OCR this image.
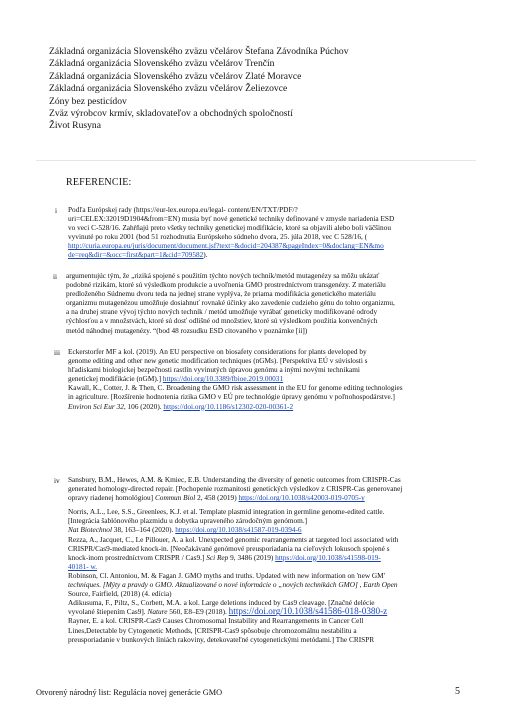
Základná organizácia Slovenského zväzu včelárov Štefana Závodníka Púchov
Základná organizácia Slovenského zväzu včelárov Trenčín
Základná organizácia Slovenského zväzu včelárov Zlaté Moravce
Základná organizácia Slovenského zväzu včelárov Želiezovce
Zóny bez pesticídov
Zväz výrobcov krmív, skladovateľov a obchodných spoločností
Život Rusyna
REFERENCIE:
i Podľa Európskej rady (https://eur-lex.europa.eu/legal- content/EN/TXT/PDF/?
uri=CELEX:32019D1904&from=EN) musia byť nové genetické techniky definované v zmysle nariadenia ESD
vo veci C-528/16. Zahŕňajú preto všetky techniky genetickej modifikácie, ktoré sa objavili alebo boli väčšinou
vyvinuté po roku 2001 (bod 51 rozhodnutia Európskeho súdneho dvora, 25. júla 2018, vec C 528/16, (
http://curia.europa.eu/juris/document/document.jsf?text=&docid=204387&pageIndex=0&doclang=EN&mo
de=req&dir=&occ=first&part=1&cid=709582).
ii argumentujúc tým, že „riziká spojené s použitím týchto nových techník/metód mutagenézy sa môžu ukázať
podobné rizikám, ktoré sú výsledkom produkcie a uvoľnenia GMO prostredníctvom transgenézy. Z materiálu
predloženého Súdnemu dvoru teda na jednej strane vyplýva, že priama modifikácia genetického materiálu
organizmu mutagenézou umožňuje dosiahnuť rovnaké účinky ako zavedenie cudzieho génu do tohto organizmu,
a na druhej strane vývoj týchto nových techník / metód umožňuje vyrábať geneticky modifikované odrody
rýchlosťou a v množstvách, ktoré sú dosť odlišné od množstiev, ktoré sú výsledkom použitia konvenčných
metód náhodnej mutagenézy. “(bod 48 rozsudku ESD citovaného v poznámke [ii])
iii Eckerstorfer MF a kol. (2019). An EU perspective on biosafety considerations for plants developed by
genome editing and other new genetic modification techniques (nGMs). [Perspektíva EÚ v súvislosti s
hľadiskami biologickej bezpečnosti rastlín vyvinutých úpravou genómu a inými novými technikami
genetickej modifikácie (nGM).] https://doi.org/10.3389/fbioe.2019.00031
Kawall, K., Cotter, J. & Then, C. Broadening the GMO risk assessment in the EU for genome editing technologies
in agriculture. [Rozšírenie hodnotenia rizika GMO v EÚ pre technológie úpravy genómu v poľnohospodárstve.]
Environ Sci Eur 32, 106 (2020). https://doi.org/10.1186/s12302-020-00361-2
iv Sansbury, B.M., Hewes, A.M. & Kmiec, E.B. Understanding the diversity of genetic outcomes from CRISPR-Cas
generated homology-directed repair. [Pochopenie rozmanitosti genetických výsledkov z CRISPR-Cas generovanej
opravy riadenej homológiou] Commun Biol 2, 458 (2019) https://doi.org/10.1038/s42003-019-0705-y
Norris, A.L., Lee, S.S., Greenlees, K.J. et al. Template plasmid integration in germline genome-edited cattle.
[Integrácia šablónového plazmidu u dobytka upraveného zárodočným genómom.]
Nat Biotechnol 38, 163–164 (2020). https://doi.org/10.1038/s41587-019-0394-6
Rezza, A., Jacquet, C., Le Pillouer, A. a kol. Unexpected genomic rearrangements at targeted loci associated with
CRISPR/Cas9-mediated knock-in. [Neočakávané genómové preusporiadania na cieľových lokusoch spojené s
knock-inom prostredníctvom CRISPR / Cas9.] Sci Rep 9, 3486 (2019) https://doi.org/10.1038/s41598-019-
40181- w.
Robinson, Cl. Antoniou, M. & Fagan J. GMO myths and truths. Updated with new information on 'new GM'
techniques. [Mýty a pravdy o GMO. Aktualizované o nové informácie o „nových technikách GMO] , Earth Open
Source, Fairfield, (2018) (4. edícia)
Adikusuma, F., Piltz, S., Corbett, M.A. a kol. Large deletions induced by Cas9 cleavage. [Značné delécie
vyvolané štiepením Cas9]. Nature 560, E8–E9 (2018). https://doi.org/10.1038/s41586-018-0380-z
Rayner, E. a kol. CRISPR-Cas9 Causes Chromosomal Instability and Rearrangements in Cancer Cell
Lines,Detectable by Cytogenetic Methods, [CRISPR-Cas9 spôsobuje chromozomálnu nestabilitu a
preusporiadanie v bunkových líniách rakoviny, detekovateľné cytogenetickými metódami.] The CRISPR
Otvorený národný list: Regulácia novej generácie GMO	5
